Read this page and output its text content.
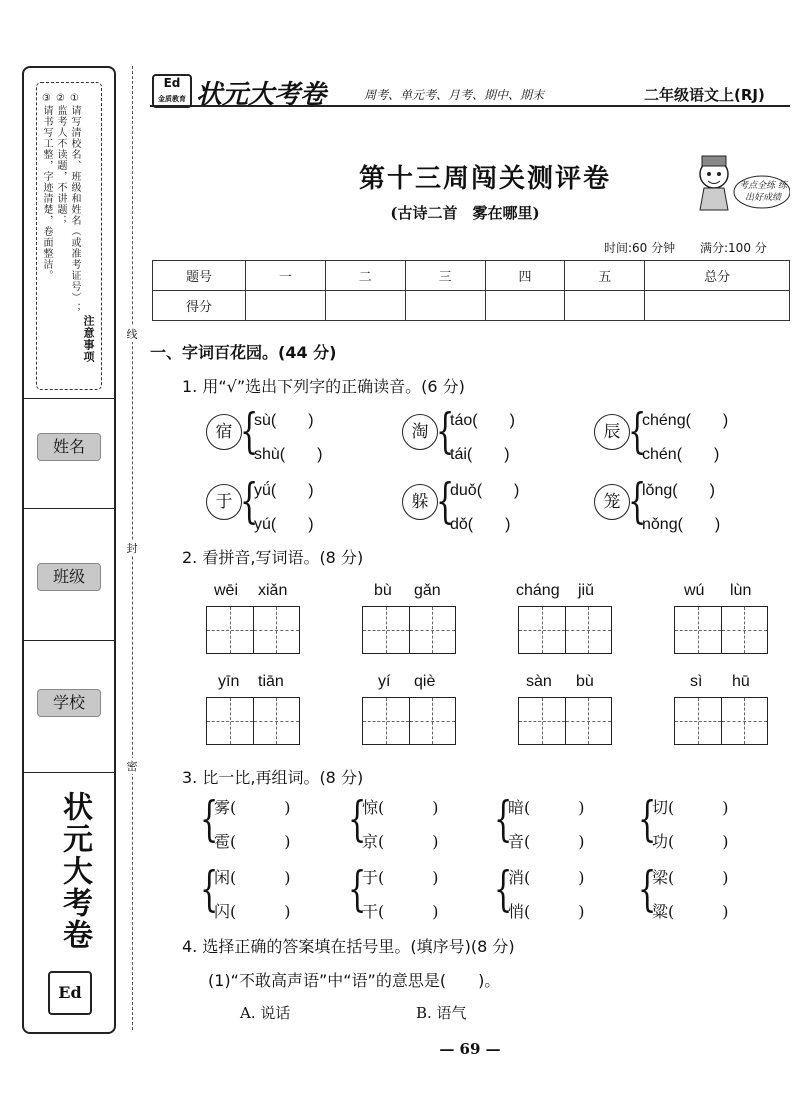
注意事项
①请写清校名、班级和姓名（或准考证号）；
②监考人不读题，不讲题；
③请书写工整，字迹清楚，卷面整洁。
姓名
班级
学校
状元大考卷
Ed
线
封
密
Ed
金质教育 状元大考卷	周考、单元考、月考、期中、期末	二年级语文上(RJ)
考点全练 练出好成绩
第十三周闯关测评卷
(古诗二首　雾在哪里)
时间:60 分钟 满分:100 分
题号	一	二	三	四	五	总分
得分						
一、字词百花园。(44 分)
1. 用“√”选出下列字的正确读音。(6 分)
宿 {
sù(　　)
shù(　　)
淘 {
táo(　　)
tái(　　)
辰 {
chéng(　　)
chén(　　)
于 {
yǘ(　　)
yú(　　)
躲 {
duǒ(　　)
dǒ(　　)
笼 {
lǒng(　　)
nǒng(　　)
2. 看拼音,写词语。(8 分)
wēi xiǎn	bù gǎn	cháng jiǔ	wú lùn
yīn tiān	yí qiè	sàn bù	sì hū
3. 比一比,再组词。(8 分)
{
雾(　　　)
雹(　　　) {
惊(　　　)
京(　　　) {
暗(　　　)
音(　　　) {
切(　　　)
功(　　　)
{
闲(　　　)
闪(　　　) {
于(　　　)
干(　　　) {
消(　　　)
悄(　　　) {
梁(　　　)
粱(　　　)
4. 选择正确的答案填在括号里。(填序号)(8 分)
(1)“不敢高声语”中“语”的意思是(　　)。
A. 说话	B. 语气
— 69 —
